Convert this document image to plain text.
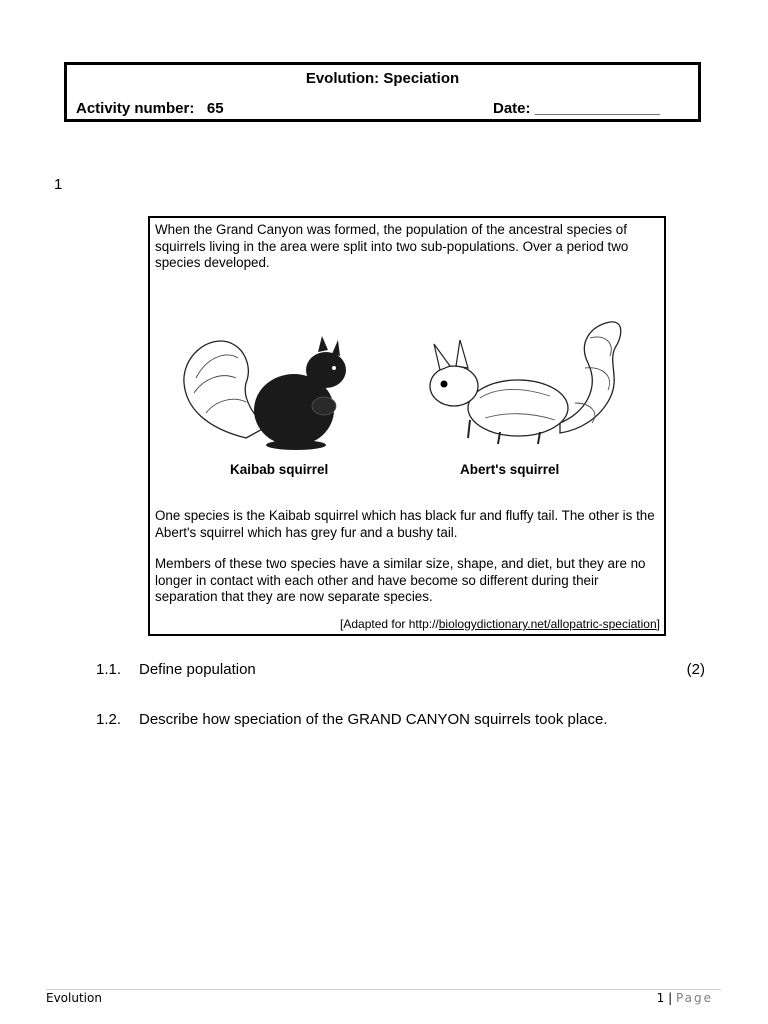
Evolution: Speciation
Activity number: 65	Date: _______________
1
When the Grand Canyon was formed, the population of the ancestral species of squirrels living in the area were split into two sub-populations. Over a period two species developed.
Kaibab squirrel	Abert's squirrel
One species is the Kaibab squirrel which has black fur and fluffy tail. The other is the Abert's squirrel which has grey fur and a bushy tail.
Members of these two species have a similar size, shape, and diet, but they are no longer in contact with each other and have become so different during their separation that they are now separate species.
[Adapted for http://biologydictionary.net/allopatric-speciation]
1.1. Define population	(2)
1.2. Describe how speciation of the GRAND CANYON squirrels took place.
Evolution	1 | Page
